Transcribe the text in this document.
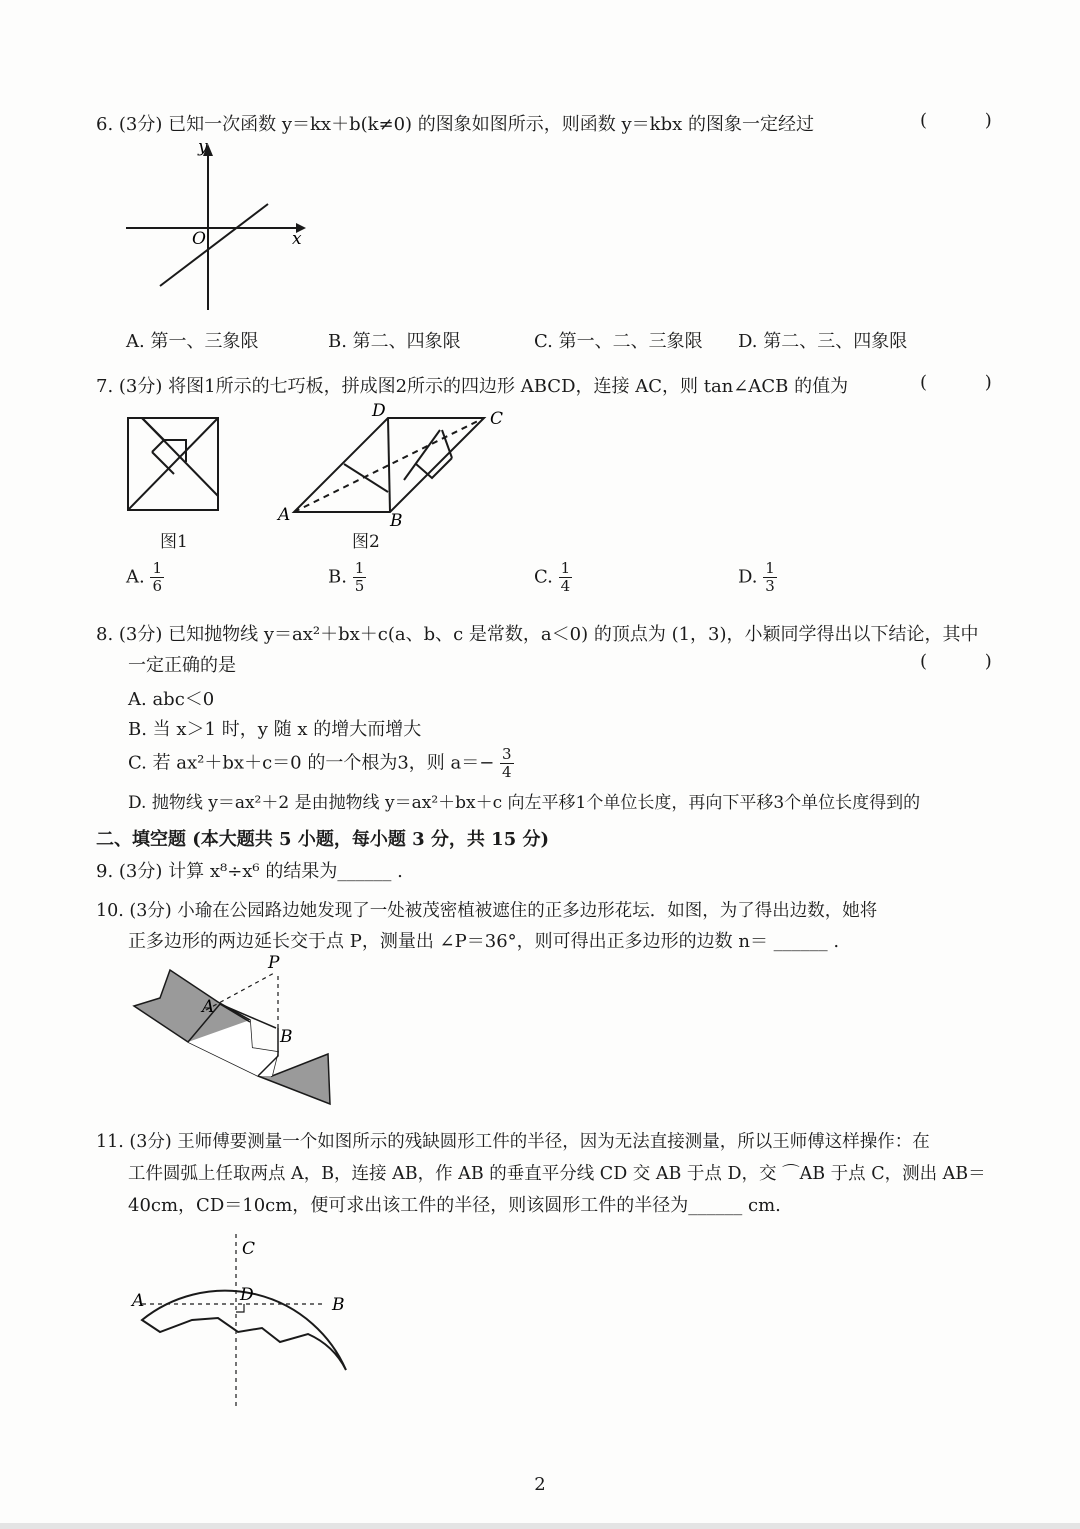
6. (3分) 已知一次函数 y＝kx＋b(k≠0) 的图象如图所示，则函数 y＝kbx 的图象一定经过	( )
y
x
O
A. 第一、三象限	B. 第二、四象限	C. 第一、二、三象限 D. 第二、三、四象限
7. (3分) 将图1所示的七巧板，拼成图2所示的四边形 ABCD，连接 AC，则 tan∠ACB 的值为	( )
图1
A	B
C
D
图2
A. $\frac{1}{6}$	B. $\frac{1}{5}$	C. $\frac{1}{4}$	D. $\frac{1}{3}$
8. (3分) 已知抛物线 y＝ax²＋bx＋c(a、b、c 是常数，a＜0) 的顶点为 (1，3)，小颖同学得出以下结论，其中
一定正确的是	( )
A. abc＜0
B. 当 x＞1 时，y 随 x 的增大而增大
C. 若 ax²＋bx＋c＝0 的一个根为3，则 $a=- \frac{3}{4}$
D. 抛物线 y＝ax²＋2 是由抛物线 y＝ax²＋bx＋c 向左平移1个单位长度，再向下平移3个单位长度得到的
二、填空题 (本大题共 5 小题，每小题 3 分，共 15 分)
9. (3分) 计算 x⁸÷x⁶ 的结果为______ .
10. (3分) 小瑜在公园路边她发现了一处被茂密植被遮住的正多边形花坛．如图，为了得出边数，她将
正多边形的两边延长交于点 P，测量出 ∠P＝36°，则可得出正多边形的边数 n＝ ______ .
P
A
B
11. (3分) 王师傅要测量一个如图所示的残缺圆形工件的半径，因为无法直接测量，所以王师傅这样操作：在
工件圆弧上任取两点 A，B，连接 AB，作 AB 的垂直平分线 CD 交 AB 于点 D，交 ⌒AB 于点 C，测出 AB＝
40cm，CD＝10cm，便可求出该工件的半径，则该圆形工件的半径为______ cm.
C
D
A	B
2
